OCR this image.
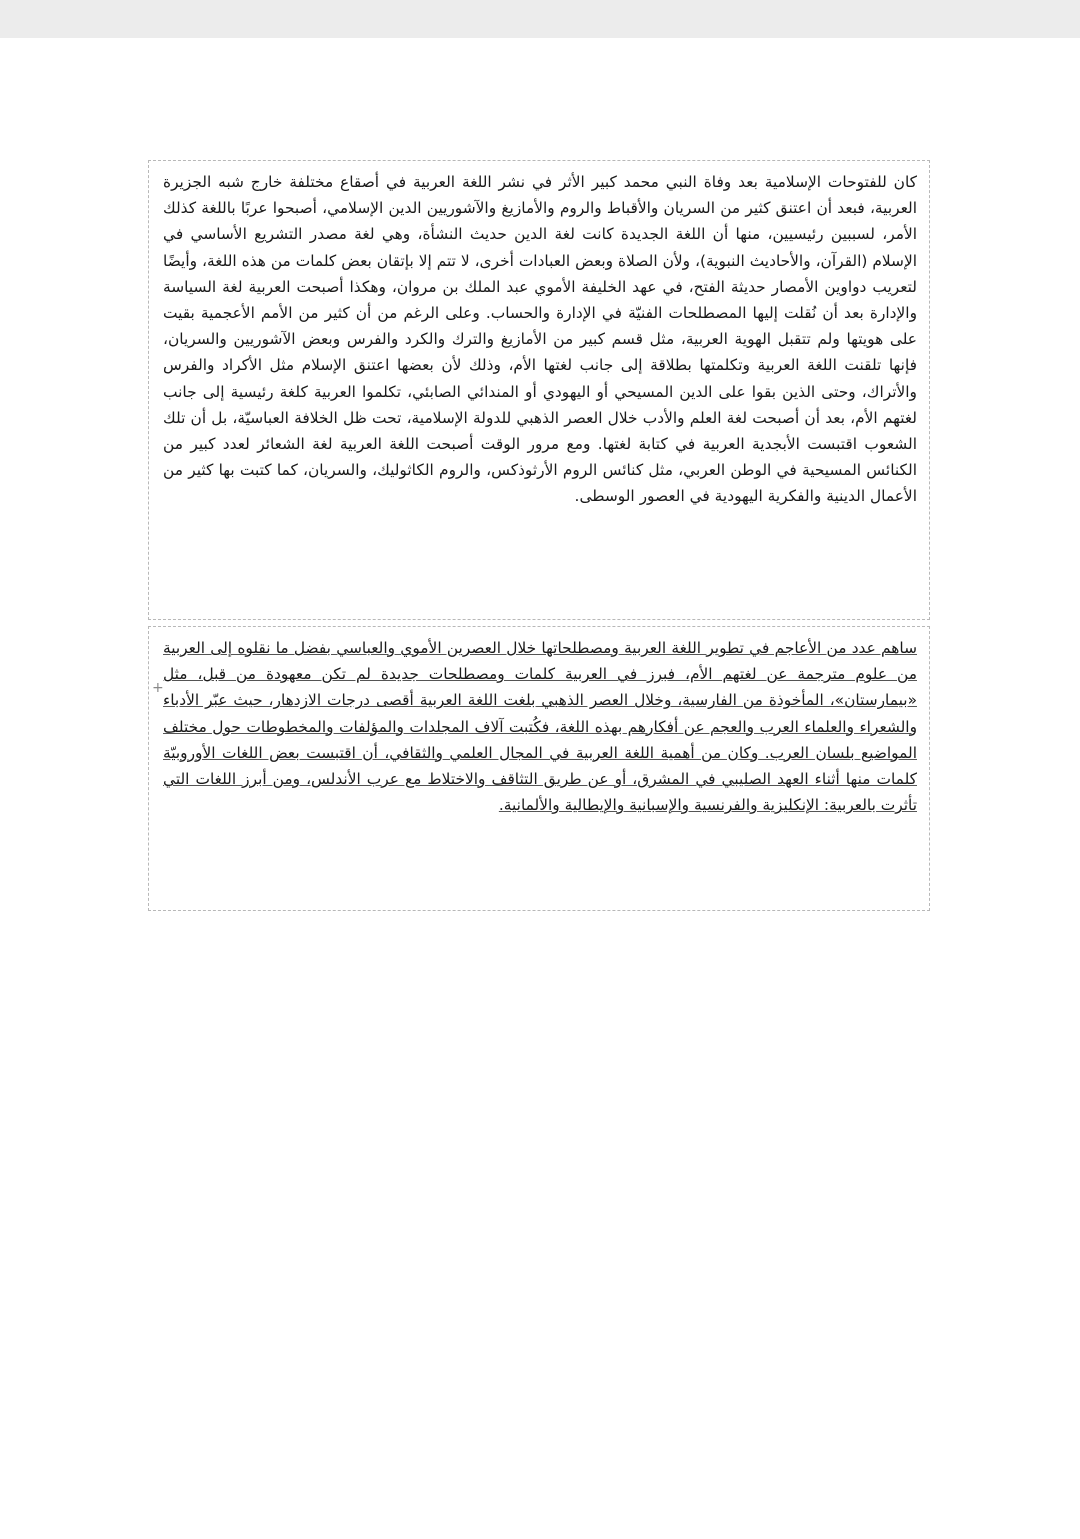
كان للفتوحات الإسلامية بعد وفاة النبي محمد كبير الأثر في نشر اللغة العربية في أصقاع مختلفة خارج شبه الجزيرة العربية، فبعد أن اعتنق كثير من السريان والأقباط والروم والأمازيغ والآشوريين الدين الإسلامي، أصبحوا عربًا باللغة كذلك الأمر، لسببين رئيسيين، منها أن اللغة الجديدة كانت لغة الدين حديث النشأة، وهي لغة مصدر التشريع الأساسي في الإسلام (القرآن، والأحاديث النبوية)، ولأن الصلاة وبعض العبادات أخرى، لا تتم إلا بإتقان بعض كلمات من هذه اللغة، وأيضًا لتعريب دواوين الأمصار حديثة الفتح، في عهد الخليفة الأموي عبد الملك بن مروان، وهكذا أصبحت العربية لغة السياسة والإدارة بعد أن نُقلت إليها المصطلحات الفنيّة في الإدارة والحساب. وعلى الرغم من أن كثير من الأمم الأعجمية بقيت على هويتها ولم تتقبل الهوية العربية، مثل قسم كبير من الأمازيغ والترك والكرد والفرس وبعض الآشوريين والسريان، فإنها تلقنت اللغة العربية وتكلمتها بطلاقة إلى جانب لغتها الأم، وذلك لأن بعضها اعتنق الإسلام مثل الأكراد والفرس والأتراك، وحتى الذين بقوا على الدين المسيحي أو اليهودي أو المندائي الصابئي، تكلموا العربية كلغة رئيسية إلى جانب لغتهم الأم، بعد أن أصبحت لغة العلم والأدب خلال العصر الذهبي للدولة الإسلامية، تحت ظل الخلافة العباسيّة، بل أن تلك الشعوب اقتبست الأبجدية العربية في كتابة لغتها. ومع مرور الوقت أصبحت اللغة العربية لغة الشعائر لعدد كبير من الكنائس المسيحية في الوطن العربي، مثل كنائس الروم الأرثوذكس، والروم الكاثوليك، والسريان، كما كتبت بها كثير من الأعمال الدينية والفكرية اليهودية في العصور الوسطى.

ساهم عدد من الأعاجم في تطوير اللغة العربية ومصطلحاتها خلال العصرين الأموي والعباسي بفضل ما نقلوه إلى العربية من علوم مترجمة عن لغتهم الأم، فبرز في العربية كلمات ومصطلحات جديدة لم تكن معهودة من قبل، مثل «بيمارستان»، المأخوذة من الفارسية، وخلال العصر الذهبي بلغت اللغة العربية أقصى درجات الازدهار، حيث عبّر الأدباء والشعراء والعلماء العرب والعجم عن أفكارهم بهذه اللغة، فكُتبت آلاف المجلدات والمؤلفات والمخطوطات حول مختلف المواضيع بلسان العرب. وكان من أهمية اللغة العربية في المجال العلمي والثقافي، أن اقتبست بعض اللغات الأوروبيّة كلمات منها أثناء العهد الصليبي في المشرق، أو عن طريق التثاقف والاختلاط مع عرب الأندلس، ومن أبرز اللغات التي تأثرت بالعربية: الإنكليزية والفرنسية والإسبانية والإيطالية والألمانية.

+
